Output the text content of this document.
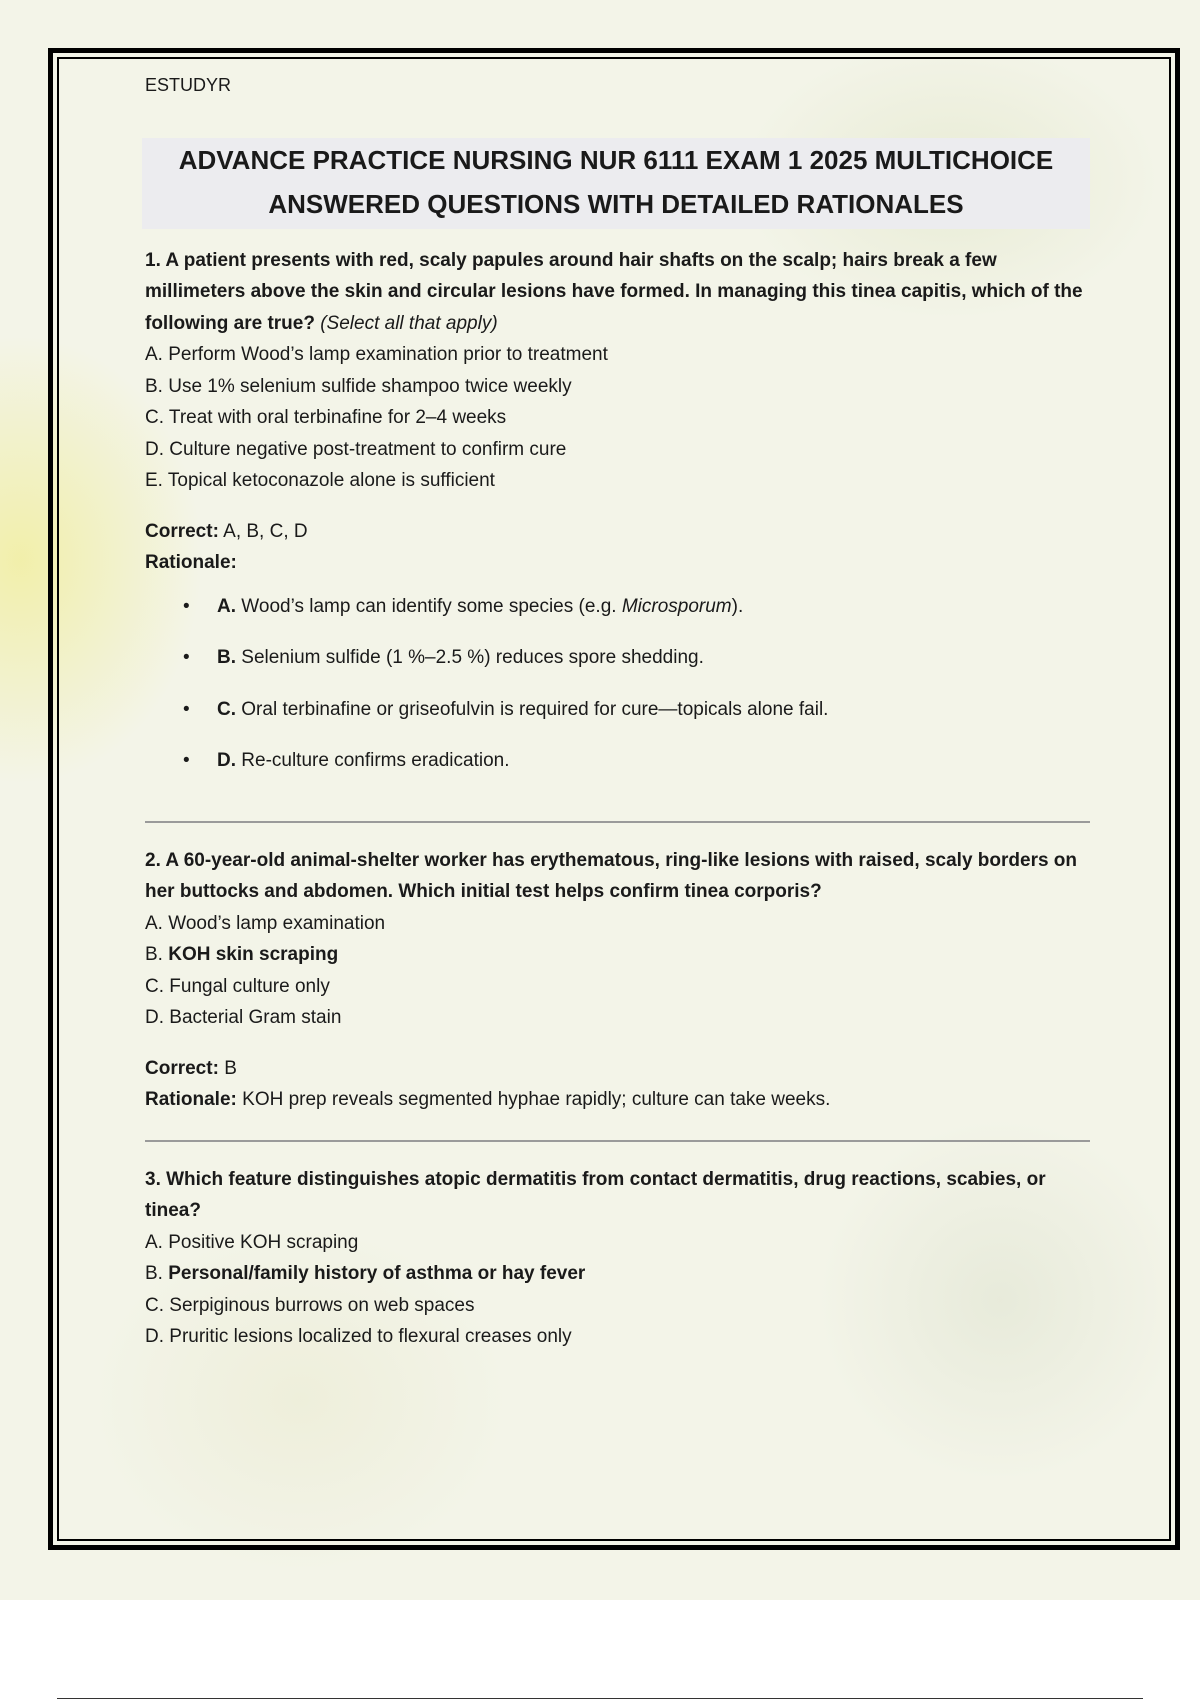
ESTUDYR
ADVANCE PRACTICE NURSING NUR 6111 EXAM 1 2025 MULTICHOICE
ANSWERED QUESTIONS WITH DETAILED RATIONALES
1. A patient presents with red, scaly papules around hair shafts on the scalp; hairs break a few millimeters above the skin and circular lesions have formed. In managing this tinea capitis, which of the following are true? (Select all that apply)
A. Perform Wood’s lamp examination prior to treatment
B. Use 1% selenium sulfide shampoo twice weekly
C. Treat with oral terbinafine for 2–4 weeks
D. Culture negative post-treatment to confirm cure
E. Topical ketoconazole alone is sufficient
Correct: A, B, C, D
Rationale:
• A. Wood’s lamp can identify some species (e.g. Microsporum).
• B. Selenium sulfide (1 %–2.5 %) reduces spore shedding.
• C. Oral terbinafine or griseofulvin is required for cure—topicals alone fail.
• D. Re-culture confirms eradication.
2. A 60-year-old animal-shelter worker has erythematous, ring-like lesions with raised, scaly borders on her buttocks and abdomen. Which initial test helps confirm tinea corporis?
A. Wood’s lamp examination
B. KOH skin scraping
C. Fungal culture only
D. Bacterial Gram stain
Correct: B
Rationale: KOH prep reveals segmented hyphae rapidly; culture can take weeks.
3. Which feature distinguishes atopic dermatitis from contact dermatitis, drug reactions, scabies, or tinea?
A. Positive KOH scraping
B. Personal/family history of asthma or hay fever
C. Serpiginous burrows on web spaces
D. Pruritic lesions localized to flexural creases only
